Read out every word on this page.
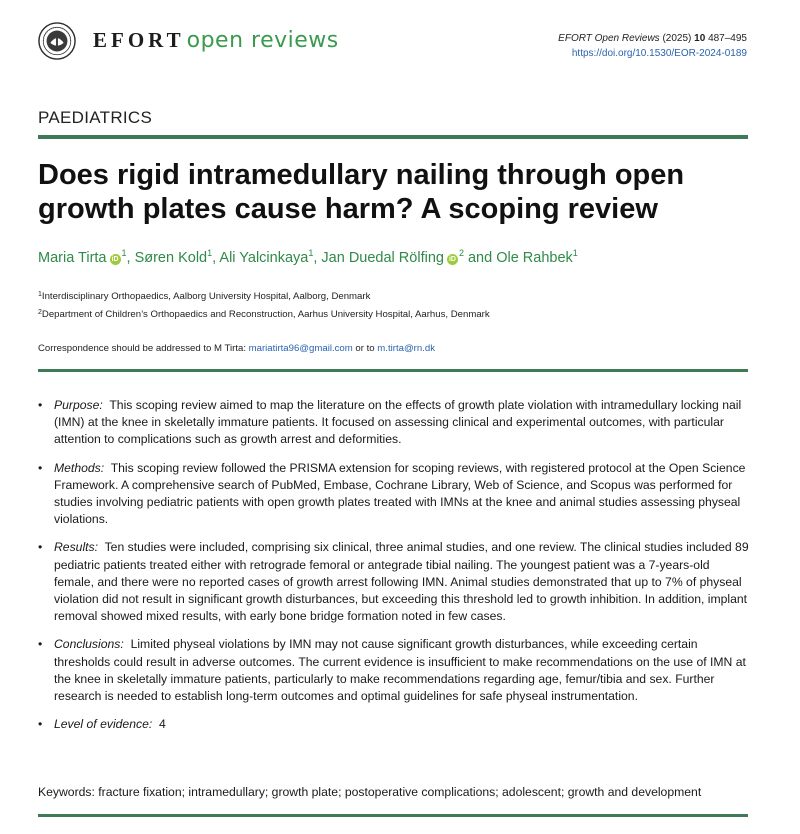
EFORTopen reviews	EFORT Open Reviews (2025) 10 487–495
https://doi.org/10.1530/EOR-2024-0189
PAEDIATRICS
Does rigid intramedullary nailing through open growth plates cause harm? A scoping review
Maria Tirta $iD^1$, Søren Kold$^1$, Ali Yalcinkaya$^1$, Jan Duedal Rölfing $iD^2$ and Ole Rahbek$^1$
$^1$Interdisciplinary Orthopaedics, Aalborg University Hospital, Aalborg, Denmark
$^2$Department of Children’s Orthopaedics and Reconstruction, Aarhus University Hospital, Aarhus, Denmark
Correspondence should be addressed to M Tirta: mariatirta96@gmail.com or to m.tirta@rn.dk
• Purpose: This scoping review aimed to map the literature on the effects of growth plate violation with intramedullary locking nail (IMN) at the knee in skeletally immature patients. It focused on assessing clinical and experimental outcomes, with particular attention to complications such as growth arrest and deformities.
• Methods: This scoping review followed the PRISMA extension for scoping reviews, with registered protocol at the Open Science Framework. A comprehensive search of PubMed, Embase, Cochrane Library, Web of Science, and Scopus was performed for studies involving pediatric patients with open growth plates treated with IMNs at the knee and animal studies assessing physeal violations.
• Results: Ten studies were included, comprising six clinical, three animal studies, and one review. The clinical studies included 89 pediatric patients treated either with retrograde femoral or antegrade tibial nailing. The youngest patient was a 7-years-old female, and there were no reported cases of growth arrest following IMN. Animal studies demonstrated that up to 7% of physeal violation did not result in significant growth disturbances, but exceeding this threshold led to growth inhibition. In addition, implant removal showed mixed results, with early bone bridge formation noted in few cases.
• Conclusions: Limited physeal violations by IMN may not cause significant growth disturbances, while exceeding certain thresholds could result in adverse outcomes. The current evidence is insufficient to make recommendations on the use of IMN at the knee in skeletally immature patients, particularly to make recommendations regarding age, femur/tibia and sex. Further research is needed to establish long-term outcomes and optimal guidelines for safe physeal instrumentation.
• Level of evidence: 4
Keywords: fracture fixation; intramedullary; growth plate; postoperative complications; adolescent; growth and development
